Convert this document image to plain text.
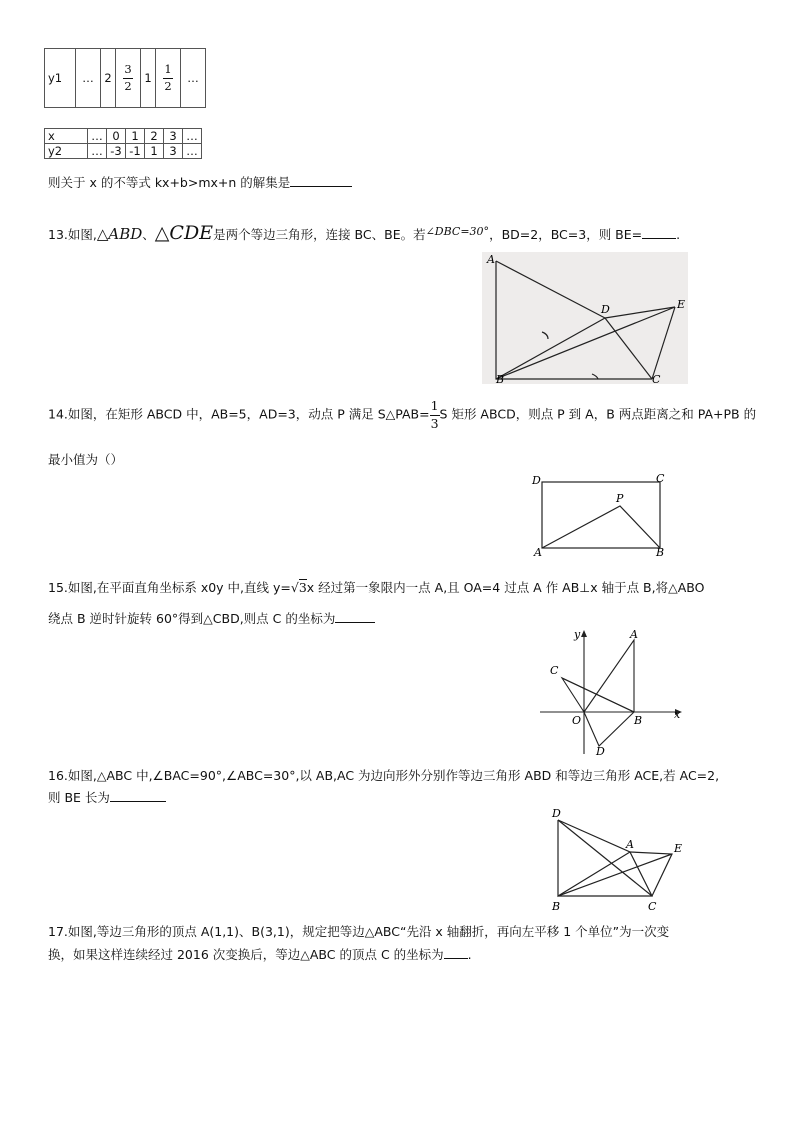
y1	…	2	$\frac{3}{2}$	1	$\frac{1}{2}$	…
x	…	0	1	2	3	…
y2	…	-3	-1	1	3	…
则关于 x 的不等式 kx+b>mx+n 的解集是
13.如图,△ABD、△CDE是两个等边三角形，连接 BC、BE。若∠DBC=30°，BD=2，BC=3，则 BE=	.
A
D	E
B	C
14.如图，在矩形 ABCD 中，AB=5，AD=3，动点 P 满足 S△PAB= $\frac{1}{3}$ S 矩形 ABCD，则点 P 到 A，B 两点距离之和 PA+PB 的
最小值为（）
D	C
P
A	B
15.如图,在平面直角坐标系 x0y 中,直线 y=√3x 经过第一象限内一点 A,且 OA=4 过点 A 作 AB⊥x 轴于点 B,将△ABO
绕点 B 逆时针旋转 60°得到△CBD,则点 C 的坐标为
y
x
A
C
O	B
D
16.如图,△ABC 中,∠BAC=90°,∠ABC=30°,以 AB,AC 为边向形外分别作等边三角形 ABD 和等边三角形 ACE,若 AC=2,
则 BE 长为
D
A	E
B	C
17.如图,等边三角形的顶点 A(1,1)、B(3,1)，规定把等边△ABC“先沿 x 轴翻折，再向左平移 1 个单位”为一次变
换，如果这样连续经过 2016 次变换后，等边△ABC 的顶点 C 的坐标为 .
